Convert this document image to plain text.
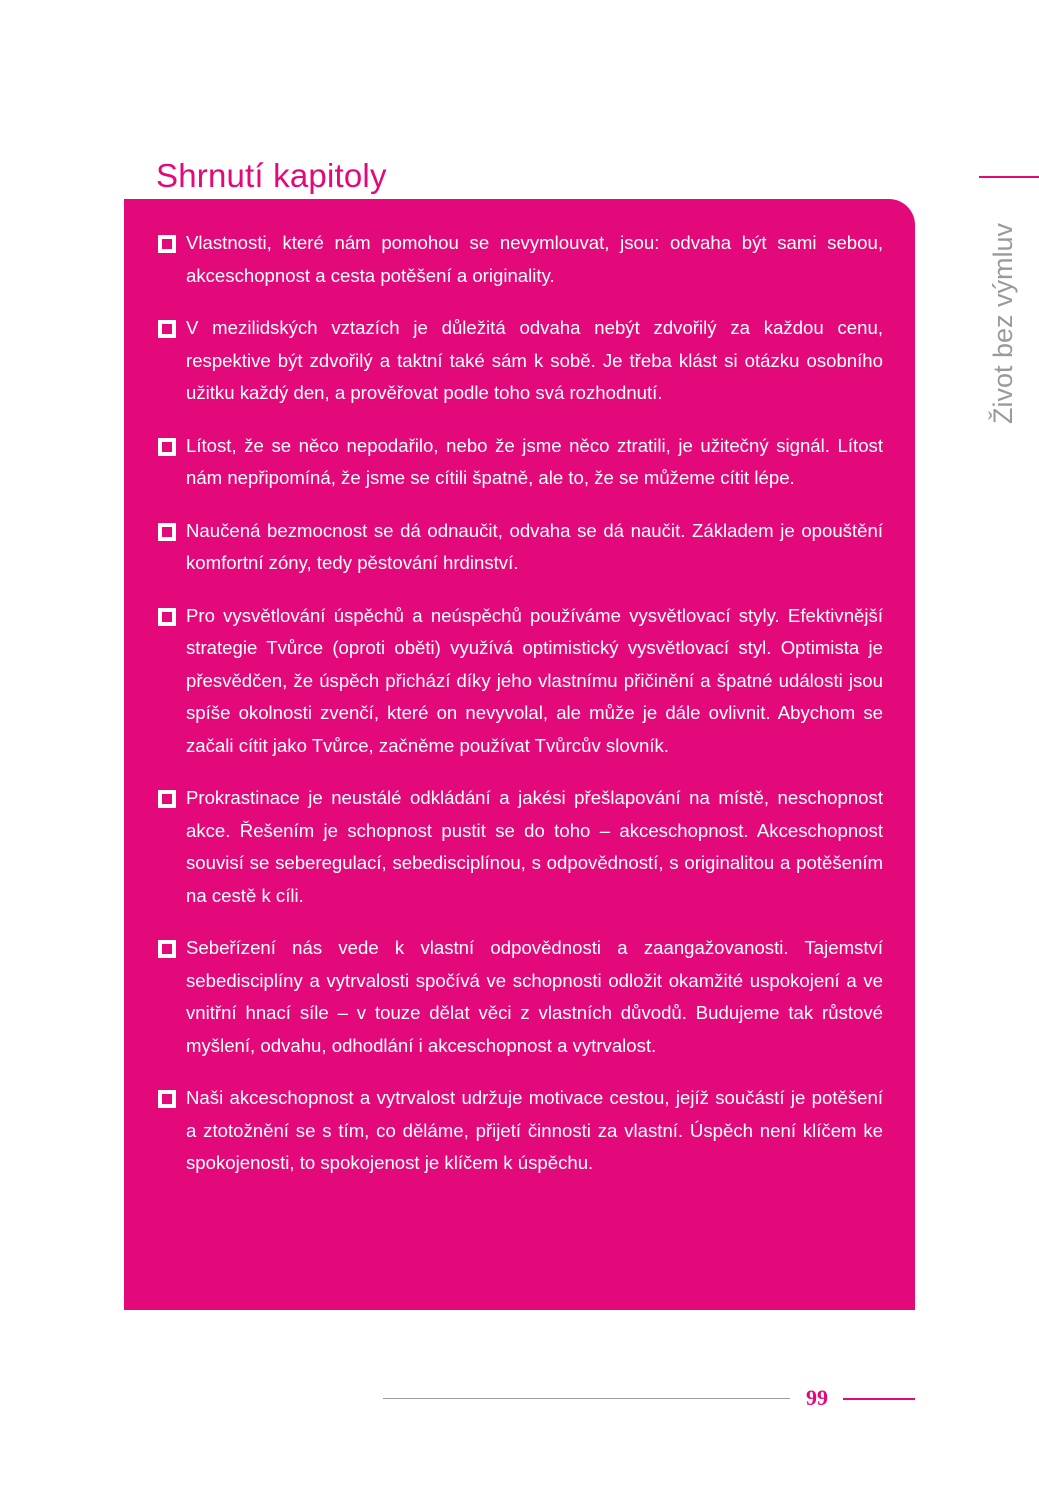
Shrnutí kapitoly
Život bez výmluv
Vlastnosti, které nám pomohou se nevymlouvat, jsou: odvaha být sami sebou, akceschopnost a cesta potěšení a originality.
V mezilidských vztazích je důležitá odvaha nebýt zdvořilý za každou cenu, respektive být zdvořilý a taktní také sám k sobě. Je třeba klást si otázku osobního užitku každý den, a prověřovat podle toho svá rozhodnutí.
Lítost, že se něco nepodařilo, nebo že jsme něco ztratili, je užitečný signál. Lítost nám nepřipomíná, že jsme se cítili špatně, ale to, že se můžeme cítit lépe.
Naučená bezmocnost se dá odnaučit, odvaha se dá naučit. Základem je opouštění komfortní zóny, tedy pěstování hrdinství.
Pro vysvětlování úspěchů a neúspěchů používáme vysvětlovací styly. Efektivnější strategie Tvůrce (oproti oběti) využívá optimistický vysvětlovací styl. Optimista je přesvědčen, že úspěch přichází díky jeho vlastnímu přičinění a špatné události jsou spíše okolnosti zvenčí, které on nevyvolal, ale může je dále ovlivnit. Abychom se začali cítit jako Tvůrce, začněme používat Tvůrcův slovník.
Prokrastinace je neustálé odkládání a jakési přešlapování na místě, neschopnost akce. Řešením je schopnost pustit se do toho – akceschopnost. Akceschopnost souvisí se seberegulací, sebedisciplínou, s odpovědností, s originalitou a potěšením na cestě k cíli.
Sebeřízení nás vede k vlastní odpovědnosti a zaangažovanosti. Tajemství sebedisciplíny a vytrvalosti spočívá ve schopnosti odložit okamžité uspokojení a ve vnitřní hnací síle – v touze dělat věci z vlastních důvodů. Budujeme tak růstové myšlení, odvahu, odhodlání i akceschopnost a vytrvalost.
Naši akceschopnost a vytrvalost udržuje motivace cestou, jejíž součástí je potěšení a ztotožnění se s tím, co děláme, přijetí činnosti za vlastní. Úspěch není klíčem ke spokojenosti, to spokojenost je klíčem k úspěchu.
99
